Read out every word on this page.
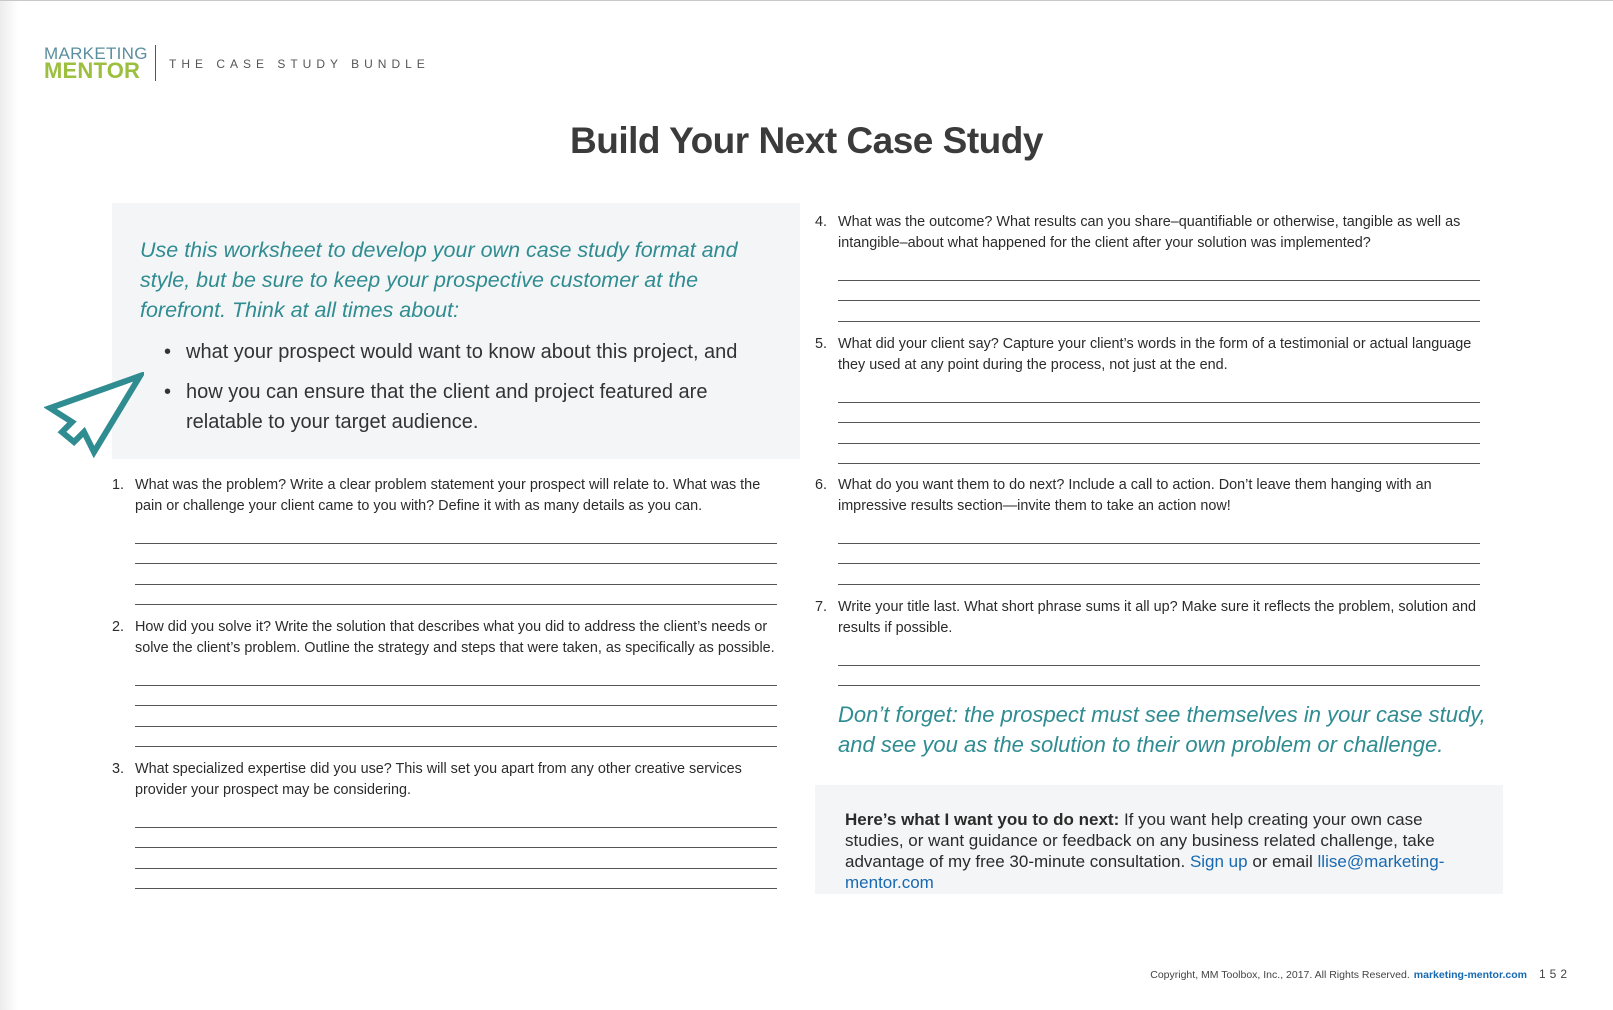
MARKETING
MENTOR THE CASE STUDY BUNDLE
Build Your Next Case Study

Use this worksheet to develop your own case study format and style, but be sure to keep your prospective customer at the forefront. Think at all times about:

• what your prospect would want to know about this project, and
• how you can ensure that the client and project featured are relatable to your target audience.
1. What was the problem? Write a clear problem statement your prospect will relate to. What was the pain or challenge your client came to you with? Define it with as many details as you can.
2. How did you solve it? Write the solution that describes what you did to address the client’s needs or solve the client’s problem. Outline the strategy and steps that were taken, as specifically as possible.
3. What specialized expertise did you use? This will set you apart from any other creative services provider your prospect may be considering.
4. What was the outcome? What results can you share–quantifiable or otherwise, tangible as well as intangible–about what happened for the client after your solution was implemented?
5. What did your client say? Capture your client’s words in the form of a testimonial or actual language they used at any point during the process, not just at the end.
6. What do you want them to do next? Include a call to action. Don’t leave them hanging with an impressive results section—invite them to take an action now!
7. Write your title last. What short phrase sums it all up? Make sure it reflects the problem, solution and results if possible.

Don’t forget: the prospect must see themselves in your case study, and see you as the solution to their own problem or challenge.

Here’s what I want you to do next: If you want help creating your own case studies, or want guidance or feedback on any business related challenge, take advantage of my free 30-minute consultation. Sign up or email llise@marketing-mentor.com

Copyright, MM Toolbox, Inc., 2017. All Rights Reserved. marketing-mentor.com 152
